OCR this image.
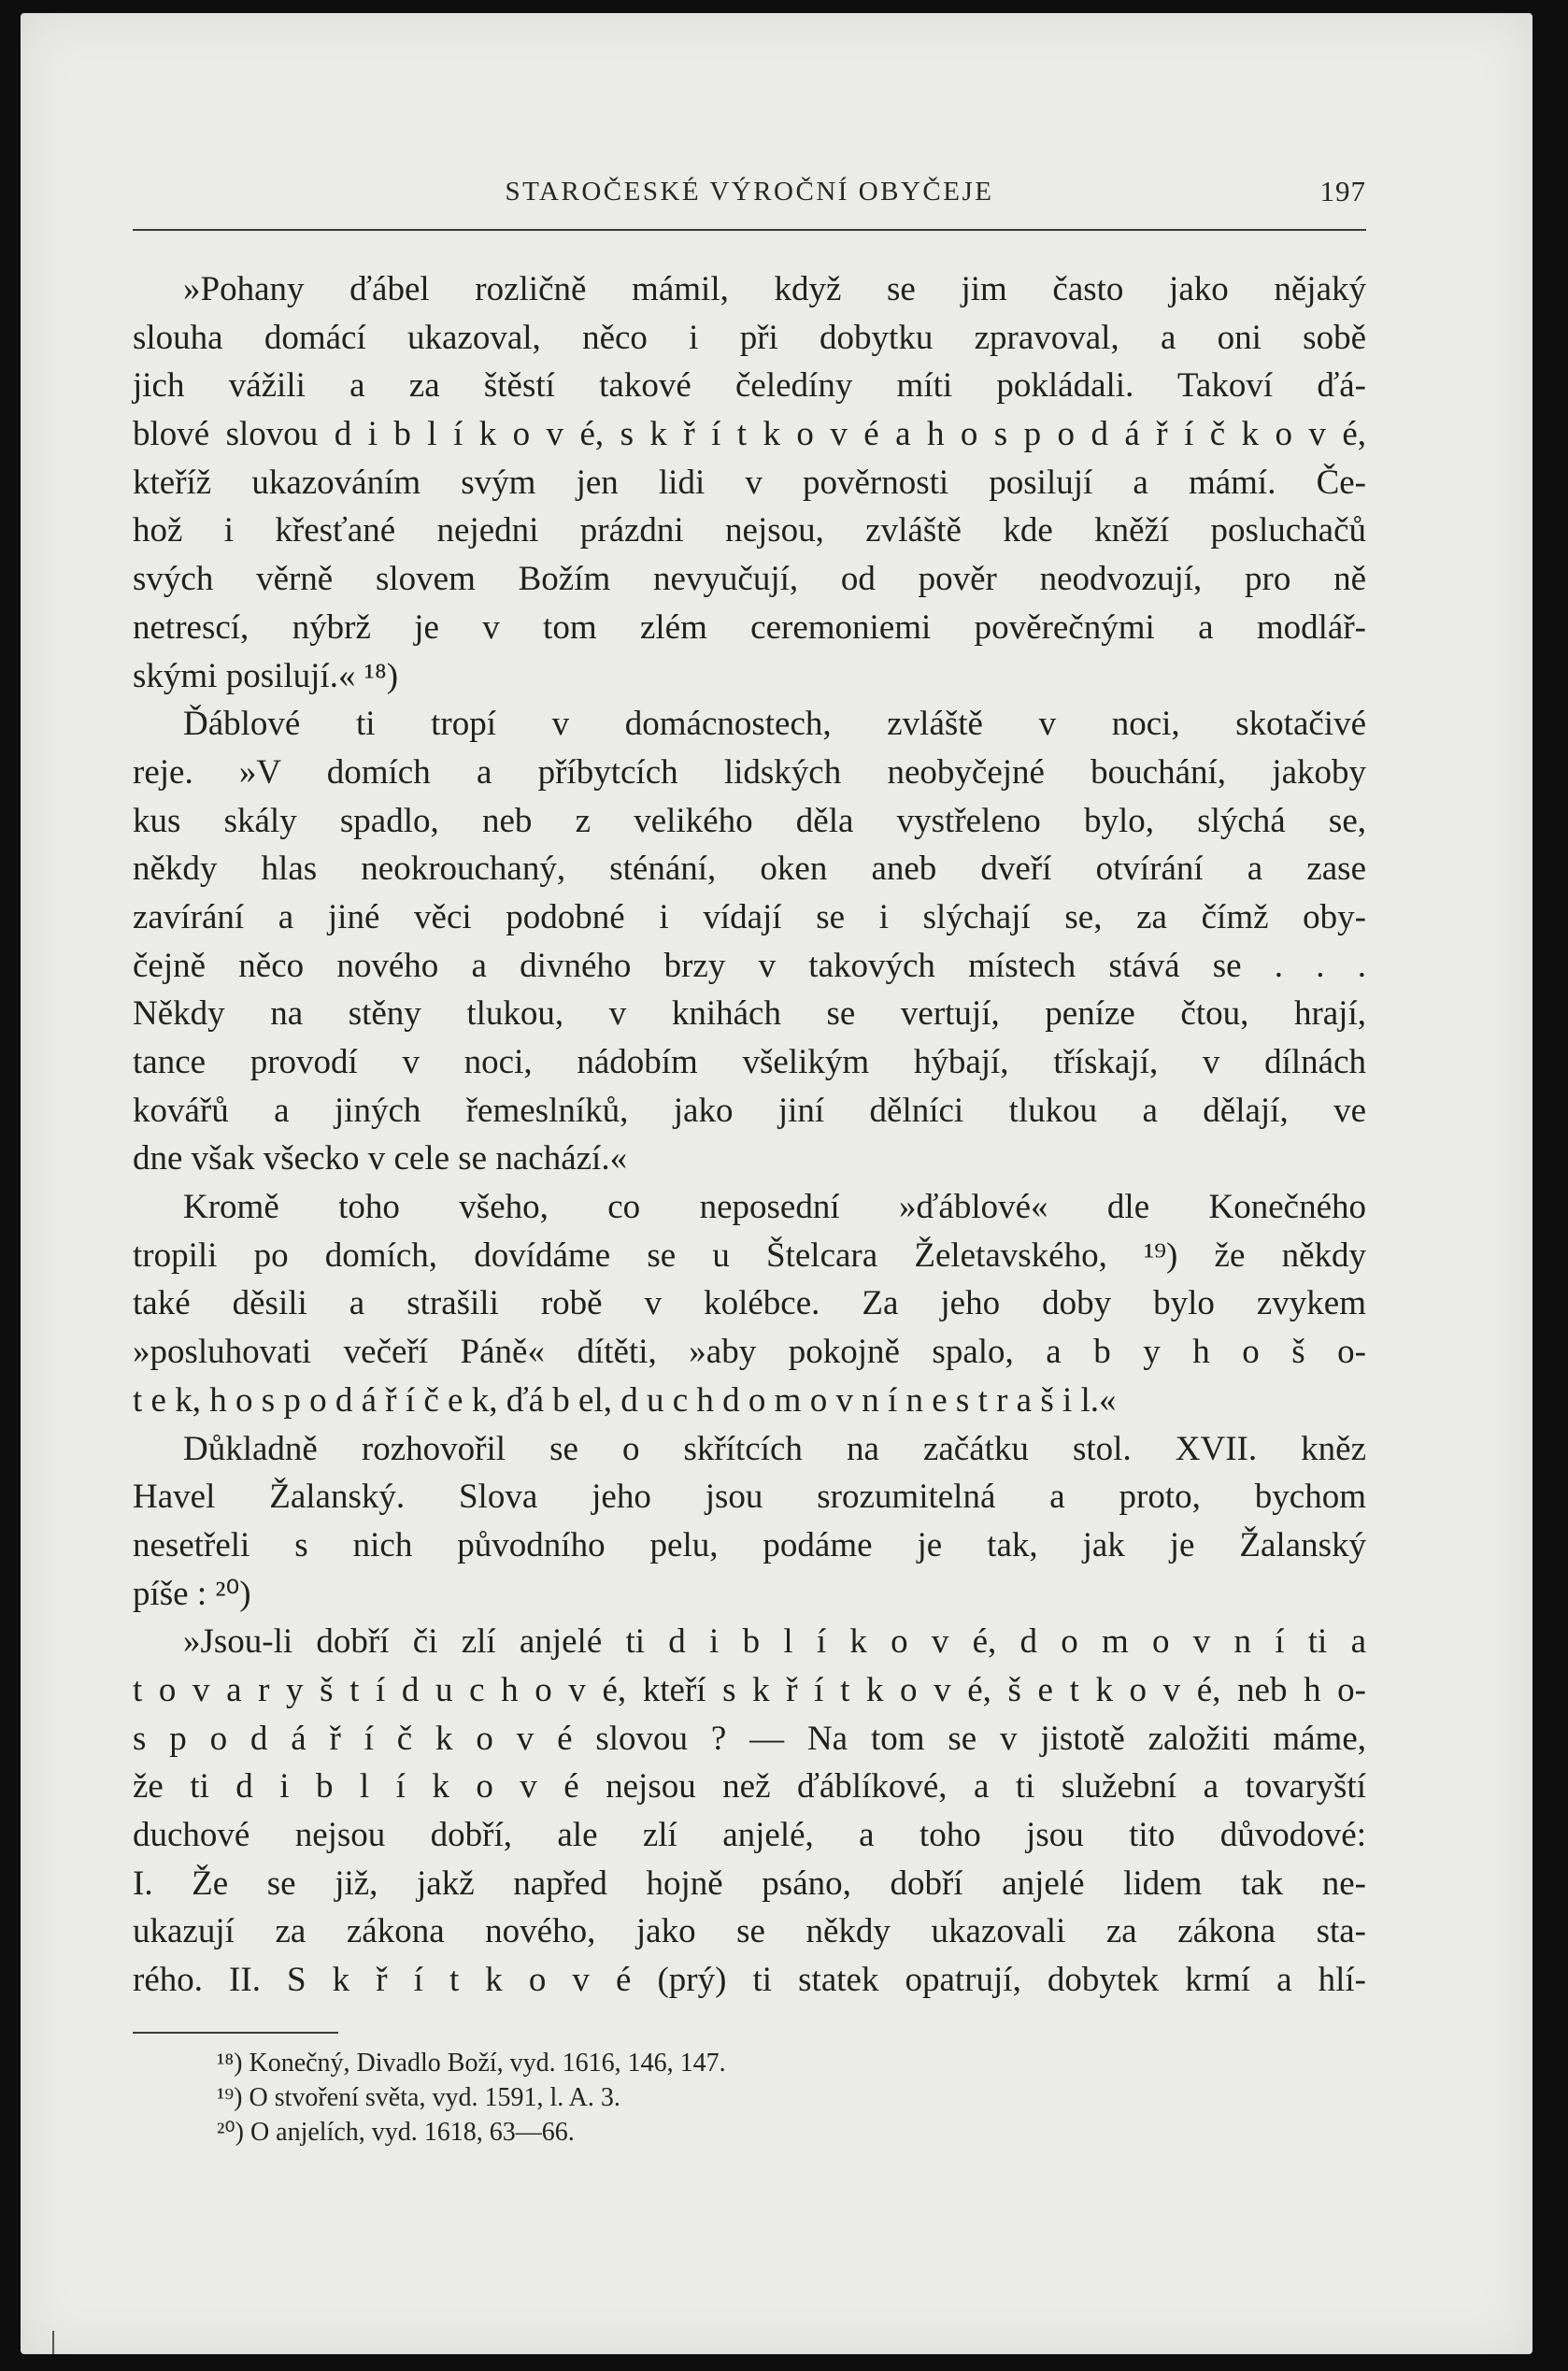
STAROČESKÉ VÝROČNÍ OBYČEJE	197
»Pohany ďábel rozličně mámil, když se jim často jako nějaký
slouha domácí ukazoval, něco i při dobytku zpravoval, a oni sobě
jich vážili a za štěstí takové čeledíny míti pokládali. Takoví ďá-
blové slovou d i b l í k o v é, s k ř í t k o v é a h o s p o d á ř í č k o v é,
kteříž ukazováním svým jen lidi v pověrnosti posilují a mámí. Če-
hož i křesťané nejedni prázdni nejsou, zvláště kde kněží posluchačů
svých věrně slovem Božím nevyučují, od pověr neodvozují, pro ně
netrescí, nýbrž je v tom zlém ceremoniemi pověrečnými a modlář-
skými posilují.« ¹⁸)
Ďáblové ti tropí v domácnostech, zvláště v noci, skotačivé
reje. »V domích a příbytcích lidských neobyčejné bouchání, jakoby
kus skály spadlo, neb z velikého děla vystřeleno bylo, slýchá se,
někdy hlas neokrouchaný, sténání, oken aneb dveří otvírání a zase
zavírání a jiné věci podobné i vídají se i slýchají se, za čímž oby-
čejně něco nového a divného brzy v takových místech stává se . . .
Někdy na stěny tlukou, v knihách se vertují, peníze čtou, hrají,
tance provodí v noci, nádobím všelikým hýbají, třískají, v dílnách
kovářů a jiných řemeslníků, jako jiní dělníci tlukou a dělají, ve
dne však všecko v cele se nachází.«
Kromě toho všeho, co neposední »ďáblové« dle Konečného
tropili po domích, dovídáme se u Štelcara Želetavského, ¹⁹) že někdy
také děsili a strašili robě v kolébce. Za jeho doby bylo zvykem
»posluhovati večeří Páně« dítěti, »aby pokojně spalo, a b y h o š o-
t e k, h o s p o d á ř í č e k, ďá b el, d u c h d o m o v n í n e s t r a š i l.«
Důkladně rozhovořil se o skřítcích na začátku stol. XVII. kněz
Havel Žalanský. Slova jeho jsou srozumitelná a proto, bychom
nesetřeli s nich původního pelu, podáme je tak, jak je Žalanský
píše : ²⁰)
»Jsou-li dobří či zlí anjelé ti d i b l í k o v é, d o m o v n í ti a
t o v a r y š t í d u c h o v é, kteří s k ř í t k o v é, š e t k o v é, neb h o-
s p o d á ř í č k o v é slovou ? — Na tom se v jistotě založiti máme,
že ti d i b l í k o v é nejsou než ďáblíkové, a ti služební a tovaryští
duchové nejsou dobří, ale zlí anjelé, a toho jsou tito důvodové:
I. Že se již, jakž napřed hojně psáno, dobří anjelé lidem tak ne-
ukazují za zákona nového, jako se někdy ukazovali za zákona sta-
rého. II. S k ř í t k o v é (prý) ti statek opatrují, dobytek krmí a hlí-
¹⁸) Konečný, Divadlo Boží, vyd. 1616, 146, 147.
¹⁹) O stvoření světa, vyd. 1591, l. A. 3.
²⁰) O anjelích, vyd. 1618, 63—66.
